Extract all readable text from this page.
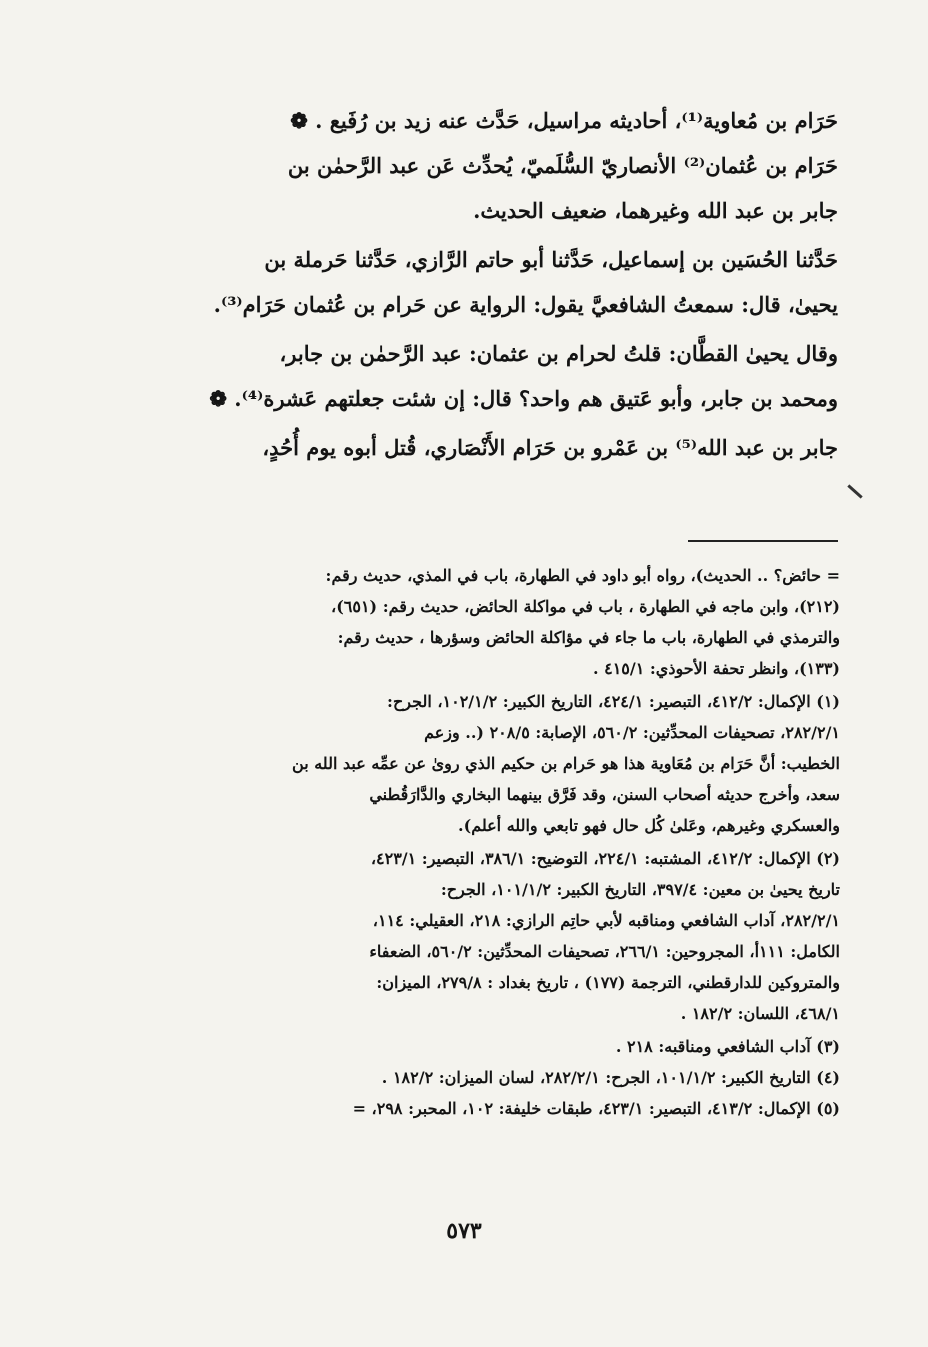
حَرَام بن مُعاوية⁽¹⁾، أحاديثه مراسيل، حَدَّث عنه زيد بن رُفَيع . ❁
حَرَام بن عُثمان⁽²⁾ الأنصاريّ السُّلَميّ، يُحدِّث عَن عبد الرَّحمٰن بن
جابر بن عبد الله وغيرهما، ضعيف الحديث.
حَدَّثنا الحُسَين بن إسماعيل، حَدَّثنا أبو حاتم الرَّازي، حَدَّثنا حَرملة بن
يحيىٰ، قال: سمعتُ الشافعيَّ يقول: الرواية عن حَرام بن عُثمان حَرَام⁽³⁾.
وقال يحيىٰ القطَّان: قلتُ لحرام بن عثمان: عبد الرَّحمٰن بن جابر،
ومحمد بن جابر، وأبو عَتيق هم واحد؟ قال: إن شئت جعلتهم عَشرة⁽⁴⁾. ❁
جابر بن عبد الله⁽⁵⁾ بن عَمْرو بن حَرَام الأَنْصَاري، قُتل أبوه يوم أُحُدٍ،
= حائض؟ .. الحديث)، رواه أبو داود في الطهارة، باب في المذي، حديث رقم:
(٢١٢)، وابن ماجه في الطهارة ، باب في مواكلة الحائض، حديث رقم: (٦٥١)،
والترمذي في الطهارة، باب ما جاء في مؤاكلة الحائض وسؤرها ، حديث رقم:
(١٣٣)، وانظر تحفة الأحوذي: ٤١٥/١ .
(١) الإكمال: ٤١٢/٢، التبصير: ٤٢٤/١، التاريخ الكبير: ١٠٢/١/٢، الجرح:
٢٨٢/٢/١، تصحيفات المحدِّثين: ٥٦٠/٢، الإصابة: ٢٠٨/٥ (.. وزعم
الخطيب: أنَّ حَرَام بن مُعَاوية هذا هو حَرام بن حكيم الذي روىٰ عن عمِّه عبد الله بن
سعد، وأخرج حديثه أصحاب السنن، وقد فَرَّق بينهما البخاري والدَّارَقُطني
والعسكري وغيرهم، وعَلىٰ كُل حال فهو تابعي والله أعلم).
(٢) الإكمال: ٤١٢/٢، المشتبه: ٢٢٤/١، التوضيح: ٣٨٦/١، التبصير: ٤٢٣/١،
تاريخ يحيىٰ بن معين: ٣٩٧/٤، التاريخ الكبير: ١٠١/١/٢، الجرح:
٢٨٢/٢/١، آداب الشافعي ومناقبه لأبي حاتِم الرازي: ٢١٨، العقيلي: ١١٤،
الكامل: ١١١أ، المجروحين: ٢٦٦/١، تصحيفات المحدِّثين: ٥٦٠/٢، الضعفاء
والمتروكين للدارقطني، الترجمة (١٧٧) ، تاريخ بغداد : ٢٧٩/٨، الميزان:
٤٦٨/١، اللسان: ١٨٢/٢ .
(٣) آداب الشافعي ومناقبه: ٢١٨ .
(٤) التاريخ الكبير: ١٠١/١/٢، الجرح: ٢٨٢/٢/١، لسان الميزان: ١٨٢/٢ .
(٥) الإكمال: ٤١٣/٢، التبصير: ٤٢٣/١، طبقات خليفة: ١٠٢، المحبر: ٢٩٨، =
٥٧٣
